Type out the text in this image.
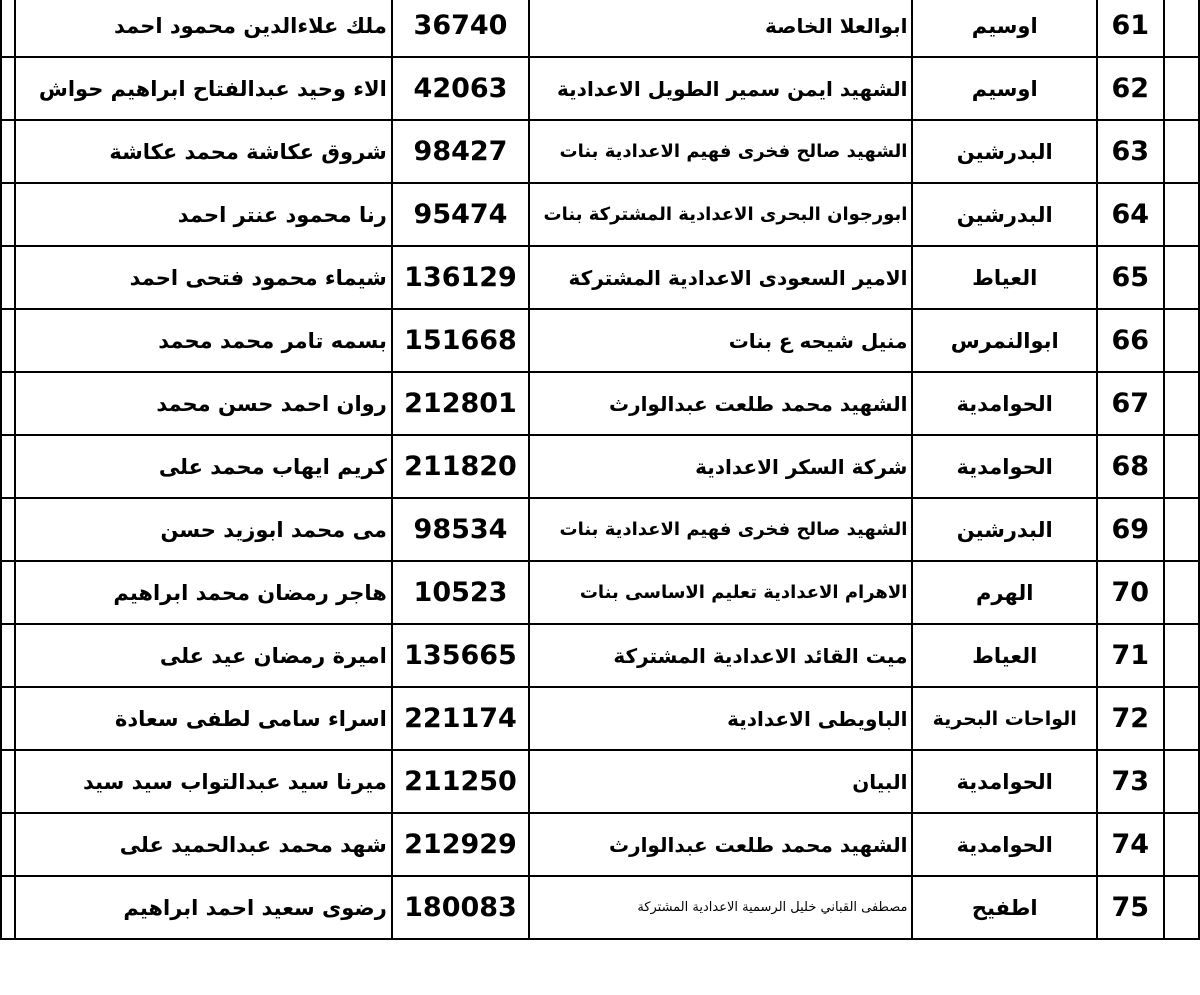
	ملك علاءالدين محمود احمد	36740	ابوالعلا الخاصة	اوسيم	61	
	الاء وحيد عبدالفتاح ابراهيم حواش	42063	الشهيد ايمن سمير الطويل الاعدادية	اوسيم	62	
	شروق عكاشة محمد عكاشة	98427	الشهيد صالح فخرى فهيم الاعدادية بنات	البدرشين	63	
	رنا محمود عنتر احمد	95474	ابورجوان البحرى الاعدادية المشتركة بنات	البدرشين	64	
	شيماء محمود فتحى احمد	136129	الامير السعودى الاعدادية المشتركة	العياط	65	
	بسمه تامر محمد محمد	151668	منيل شيحه ع بنات	ابوالنمرس	66	
	روان احمد حسن محمد	212801	الشهيد محمد طلعت عبدالوارث	الحوامدية	67	
	كريم ايهاب محمد على	211820	شركة السكر الاعدادية	الحوامدية	68	
	مى محمد ابوزيد حسن	98534	الشهيد صالح فخرى فهيم الاعدادية بنات	البدرشين	69	
	هاجر رمضان محمد ابراهيم	10523	الاهرام الاعدادية تعليم الاساسى بنات	الهرم	70	
	اميرة رمضان عيد على	135665	ميت القائد الاعدادية المشتركة	العياط	71	
	اسراء سامى لطفى سعادة	221174	الباويطى الاعدادية	الواحات البحرية	72	
	ميرنا سيد عبدالتواب سيد سيد	211250	البيان	الحوامدية	73	
	شهد محمد عبدالحميد على	212929	الشهيد محمد طلعت عبدالوارث	الحوامدية	74	
	رضوى سعيد احمد ابراهيم	180083	مصطفى القباني خليل الرسمية الاعدادية المشتركة	اطفيح	75	
